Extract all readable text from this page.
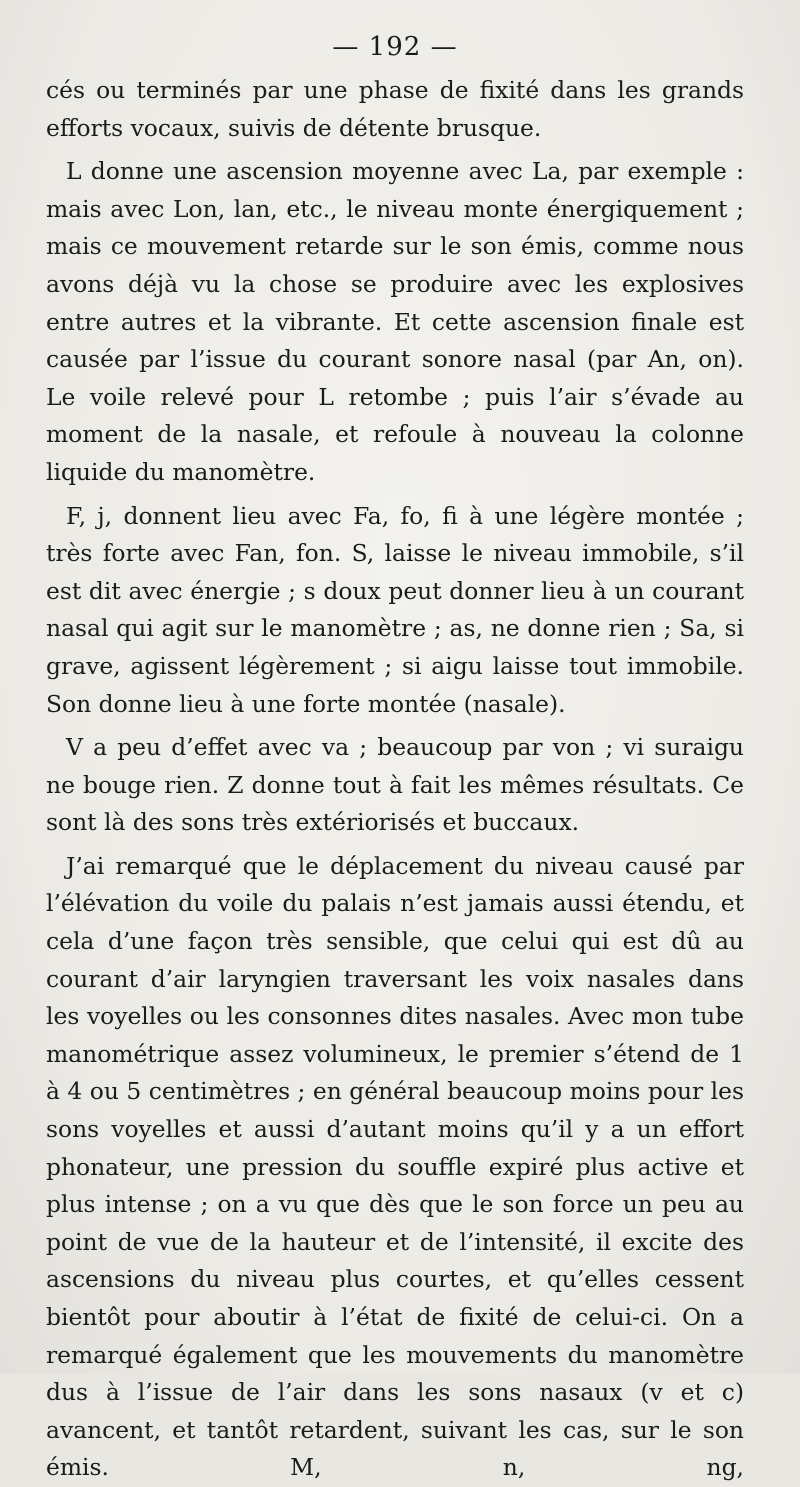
— 192 —

cés ou terminés par une phase de fixité dans les grands efforts vocaux, suivis de détente brusque.

L donne une ascension moyenne avec La, par exemple : mais avec Lon, lan, etc., le niveau monte énergiquement ; mais ce mouvement retarde sur le son émis, comme nous avons déjà vu la chose se produire avec les explosives entre autres et la vibrante. Et cette ascension finale est causée par l’issue du courant sonore nasal (par An, on). Le voile relevé pour L retombe ; puis l’air s’évade au moment de la nasale, et refoule à nouveau la colonne liquide du manomètre.

F, j, donnent lieu avec Fa, fo, fi à une légère montée ; très forte avec Fan, fon. S, laisse le niveau immobile, s’il est dit avec énergie ; s doux peut donner lieu à un courant nasal qui agit sur le manomètre ; as, ne donne rien ; Sa, si grave, agissent légèrement ; si aigu laisse tout immobile. Son donne lieu à une forte montée (nasale).

V a peu d’effet avec va ; beaucoup par von ; vi suraigu ne bouge rien. Z donne tout à fait les mêmes résultats. Ce sont là des sons très extériorisés et buccaux.

J’ai remarqué que le déplacement du niveau causé par l’élévation du voile du palais n’est jamais aussi étendu, et cela d’une façon très sensible, que celui qui est dû au courant d’air laryngien traversant les voix nasales dans les voyelles ou les consonnes dites nasales. Avec mon tube manométrique assez volumineux, le premier s’étend de 1 à 4 ou 5 centimètres ; en général beaucoup moins pour les sons voyelles et aussi d’autant moins qu’il y a un effort phonateur, une pression du souffle expiré plus active et plus intense ; on a vu que dès que le son force un peu au point de vue de la hauteur et de l’intensité, il excite des ascensions du niveau plus courtes, et qu’elles cessent bientôt pour aboutir à l’état de fixité de celui-ci. On a remarqué également que les mouvements du manomètre dus à l’issue de l’air dans les sons nasaux (v et c) avancent, et tantôt retardent, suivant les cas, sur le son émis. M, n, ng,
